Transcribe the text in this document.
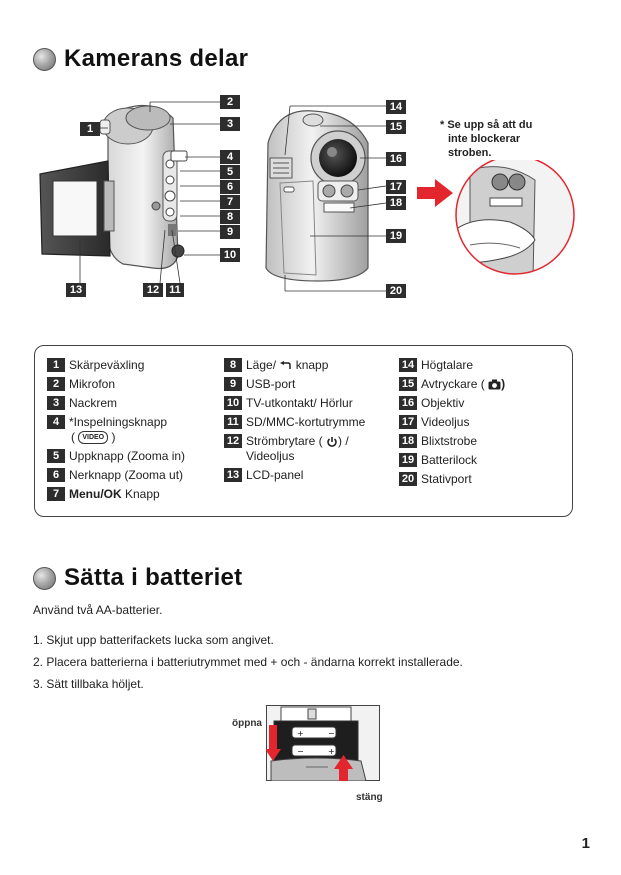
Kamerans delar
1
2
3
4
5
6
7
8
9
10
11
12
13
14
15
16
17
18
19
20
* Se upp så att du
inte blockerar
stroben.
1 Skärpeväxling
2 Mikrofon
3 Nackrem
4 *Inspelningsknapp
( VIDEO )
5 Uppknapp (Zooma in)
6 Nerknapp (Zooma ut)
7 Menu/OK Knapp
8 Läge/  knapp
9 USB-port
10 TV-utkontakt/ Hörlur
11 SD/MMC-kortutrymme
12 Strömbrytare ( ) /
Videoljus
13 LCD-panel
14 Högtalare
15 Avtryckare ( )
16 Objektiv
17 Videoljus
18 Blixtstrobe
19 Batterilock
20 Stativport
Sätta i batteriet
Använd två AA-batterier.
1. Skjut upp batterifackets lucka som angivet.
2. Placera batterierna i batteriutrymmet med + och - ändarna korrekt installerade.
3. Sätt tillbaka höljet.
+	−
−	+
öppna
stäng
1
